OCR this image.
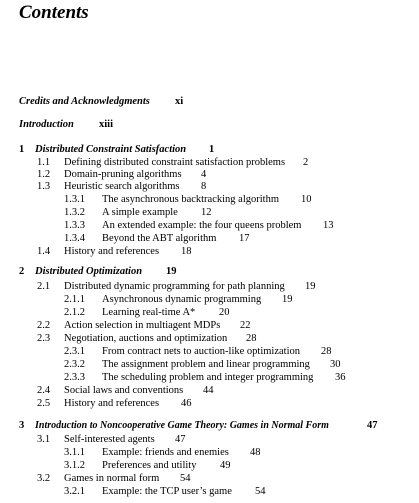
Contents
Credits and Acknowledgments xi
Introduction xiii
1 Distributed Constraint Satisfaction 1
1.1 Defining distributed constraint satisfaction problems 2
1.2 Domain-pruning algorithms 4
1.3 Heuristic search algorithms 8
1.3.1 The asynchronous backtracking algorithm 10
1.3.2 A simple example 12
1.3.3 An extended example: the four queens problem 13
1.3.4 Beyond the ABT algorithm 17
1.4 History and references 18
2 Distributed Optimization 19
2.1 Distributed dynamic programming for path planning 19
2.1.1 Asynchronous dynamic programming 19
2.1.2 Learning real-time A* 20
2.2 Action selection in multiagent MDPs 22
2.3 Negotiation, auctions and optimization 28
2.3.1 From contract nets to auction-like optimization 28
2.3.2 The assignment problem and linear programming 30
2.3.3 The scheduling problem and integer programming 36
2.4 Social laws and conventions 44
2.5 History and references 46
3 Introduction to Noncooperative Game Theory: Games in Normal Form	47
3.1 Self-interested agents 47
3.1.1 Example: friends and enemies 48
3.1.2 Preferences and utility 49
3.2 Games in normal form 54
3.2.1 Example: the TCP user’s game 54
